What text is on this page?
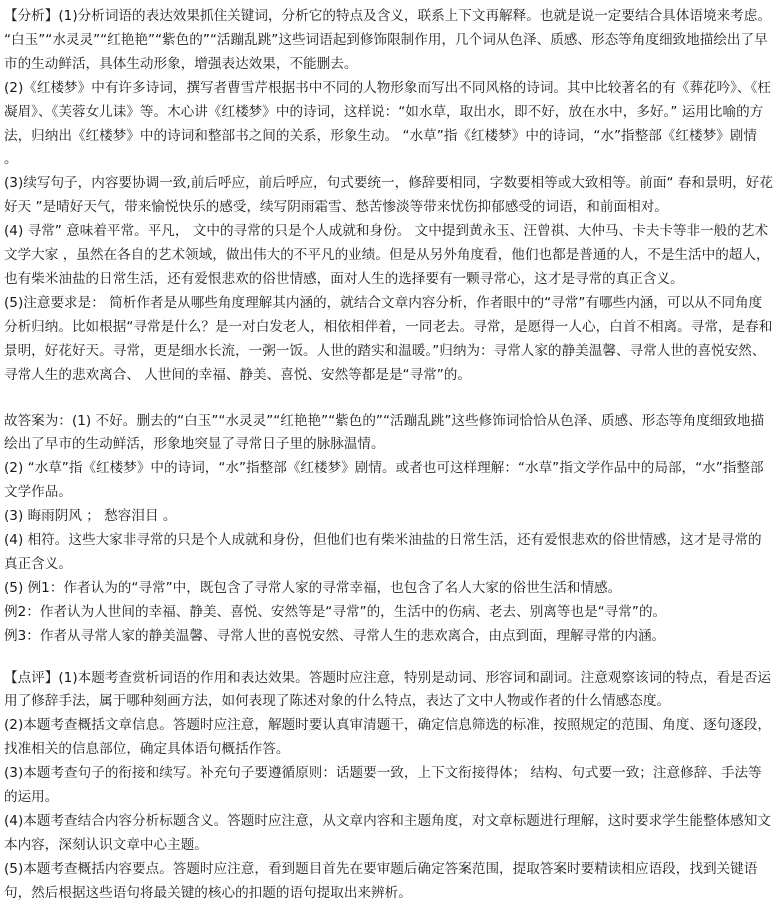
【分析】(1)分析词语的表达效果抓住关键词，分析它的特点及含义，联系上下文再解释。也就是说一定要结合具体语境来考虑。 “白玉”“水灵灵”“红艳艳”“紫色的”“活蹦乱跳”这些词语起到修饰限制作用，几个词从色泽、质感、形态等角度细致地描绘出了早市的生动鲜活，具体生动形象，增强表达效果，不能删去。

(2)《红楼梦》中有许多诗词，撰写者曹雪芹根据书中不同的人物形象而写出不同风格的诗词。其中比较著名的有《葬花吟》、《枉凝眉》、《芙蓉女儿诔》等。木心讲《红楼梦》中的诗词，这样说：“如水草，取出水，即不好，放在水中，多好。” 运用比喻的方法，归纳出《红楼梦》中的诗词和整部书之间的关系，形象生动。 “水草”指《红楼梦》中的诗词，“水”指整部《红楼梦》剧情 。

(3)续写句子，内容要协调一致,前后呼应，前后呼应，句式要统一，修辞要相同，字数要相等或大致相等。前面“ 春和景明，好花好天 ”是晴好天气，带来愉悦快乐的感受，续写阴雨霜雪、愁苦惨淡等带来忧伤抑郁感受的词语，和前面相对。

(4) 寻常” 意味着平常。平凡， 文中的寻常的只是个人成就和身份。 文中提到黄永玉、汪曾祺、大仲马、卡夫卡等非一般的艺术文学大家 ，虽然在各自的艺术领域，做出伟大的不平凡的业绩。但是从另外角度看，他们也都是普通的人，不是生活中的超人， 也有柴米油盐的日常生活，还有爱恨悲欢的俗世情感，面对人生的选择要有一颗寻常心，这才是寻常的真正含义。

(5)注意要求是： 简析作者是从哪些角度理解其内涵的，就结合文章内容分析，作者眼中的“寻常”有哪些内涵，可以从不同角度分析归纳。比如根据“寻常是什么？是一对白发老人，相依相伴着，一同老去。寻常，是愿得一人心，白首不相离。寻常，是春和景明，好花好天。寻常，更是细水长流，一粥一饭。人世的踏实和温暖。”归纳为：寻常人家的静美温馨、寻常人世的喜悦安然、寻常人生的悲欢离合、 人世间的幸福、静美、喜悦、安然等都是是“寻常”的。

故答案为：(1) 不好。删去的“白玉”“水灵灵”“红艳艳”“紫色的”“活蹦乱跳”这些修饰词恰恰从色泽、质感、形态等角度细致地描绘出了早市的生动鲜活，形象地突显了寻常日子里的脉脉温情。

(2) “水草”指《红楼梦》中的诗词，“水”指整部《红楼梦》剧情。或者也可这样理解：“水草”指文学作品中的局部，“水”指整部文学作品。

(3) 晦雨阴风 ； 愁容泪目 。

(4) 相符。这些大家非寻常的只是个人成就和身份，但他们也有柴米油盐的日常生活，还有爱恨悲欢的俗世情感，这才是寻常的真正含义。

(5) 例1：作者认为的“寻常”中，既包含了寻常人家的寻常幸福，也包含了名人大家的俗世生活和情感。

例2：作者认为人世间的幸福、静美、喜悦、安然等是“寻常”的，生活中的伤病、老去、别离等也是“寻常”的。

例3：作者从寻常人家的静美温馨、寻常人世的喜悦安然、寻常人生的悲欢离合，由点到面，理解寻常的内涵。

【点评】(1)本题考查赏析词语的作用和表达效果。答题时应注意，特别是动词、形容词和副词。注意观察该词的特点，看是否运用了修辞手法，属于哪种刻画方法，如何表现了陈述对象的什么特点，表达了文中人物或作者的什么情感态度。

(2)本题考查概括文章信息。答题时应注意，解题时要认真审清题干，确定信息筛选的标准，按照规定的范围、角度、逐句逐段，找准相关的信息部位，确定具体语句概括作答。

(3)本题考查句子的衔接和续写。补充句子要遵循原则：话题要一致，上下文衔接得体； 结构、句式要一致；注意修辞、手法等的运用。

(4)本题考查结合内容分析标题含义。答题时应注意，从文章内容和主题角度，对文章标题进行理解，这时要求学生能整体感知文本内容，深刻认识文章中心主题。

(5)本题考查概括内容要点。答题时应注意，看到题目首先在要审题后确定答案范围，提取答案时要精读相应语段，找到关键语句，然后根据这些语句将最关键的核心的扣题的语句提取出来辨析。
